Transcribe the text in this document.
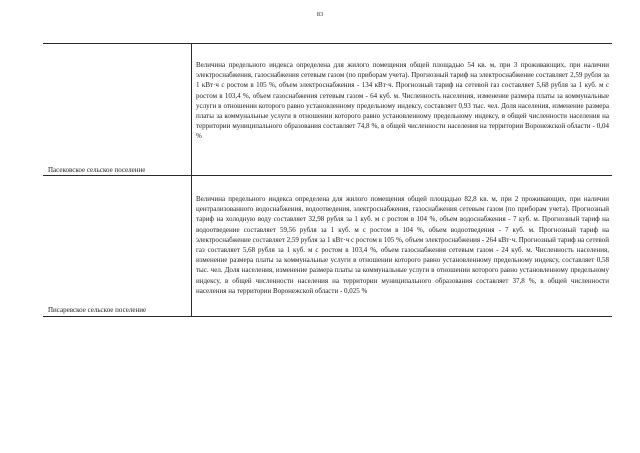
83
Пасековское сельское поселение
Величина предельного индекса определена для жилого помещения общей площадью 54 кв. м, при 3 проживающих, при наличии электроснабжения, газоснабжения сетевым газом (по приборам учета). Прогнозный тариф на электроснабжение составляет 2,59 рубля за 1 кВт·ч с ростом в 105 %, объем электроснабжения - 134 кВт·ч. Прогнозный тариф на сетевой газ составляет 5,68 рубля за 1 куб. м с ростом в 103,4 %, объем газоснабжения сетевым газом - 64 куб. м. Численность населения, изменение размера платы за коммунальные услуги в отношении которого равно установленному предельному индексу, составляет 0,93 тыс. чел. Доля населения, изменение размера платы за коммунальные услуги в отношении которого равно установленному предельному индексу, в общей численности населения на территории муниципального образования составляет 74,8 %, в общей численности населения на территории Воронежской области - 0,04 %
Писаревское сельское поселение
Величина предельного индекса определена для жилого помещения общей площадью 82,8 кв. м, при 2 проживающих, при наличии централизованного водоснабжения, водоотведения, электроснабжения, газоснабжения сетевым газом (по приборам учета). Прогнозный тариф на холодную воду составляет 32,98 рубля за 1 куб. м с ростом в 104 %, объем водоснабжения - 7 куб. м. Прогнозный тариф на водоотведение составляет 59,56 рубля за 1 куб. м с ростом в 104 %, объем водоотведения - 7 куб. м. Прогнозный тариф на электроснабжение составляет 2,59 рубля за 1 кВт·ч с ростом в 105 %, объем электроснабжения - 264 кВт·ч. Прогнозный тариф на сетевой газ составляет 5,68 рубля за 1 куб. м с ростом в 103,4 %, объем газоснабжения сетевым газом - 24 куб. м. Численность населения, изменение размера платы за коммунальные услуги в отношении которого равно установленному предельному индексу, составляет 0,58 тыс. чел. Доля населения, изменение размера платы за коммунальные услуги в отношении которого равно установленному предельному индексу, в общей численности населения на территории муниципального образования составляет 37,8 %, в общей численности населения на территории Воронежской области - 0,025 %
